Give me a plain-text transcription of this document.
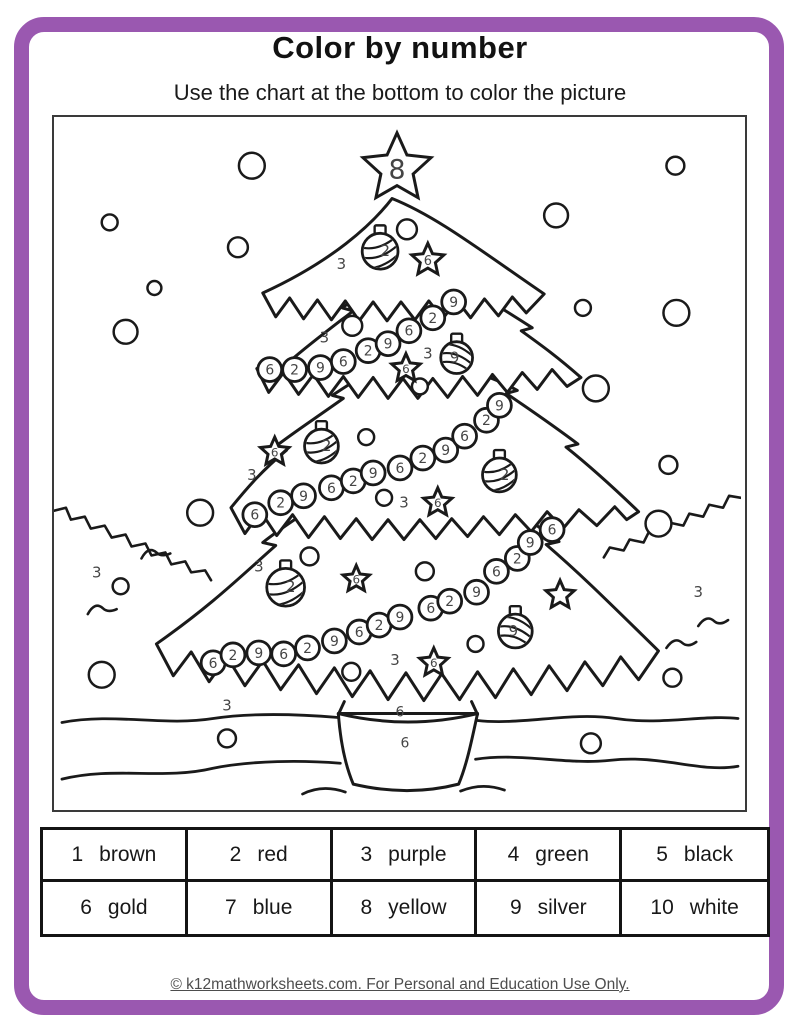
Color by number
Use the chart at the bottom to color the picture
6 2 9 6
2 9
6
2
9
6
2 9 6 2 9 6
2 9
6
2
9
6 2 9 6 2 9
6 2 9
6 2
9
6
2
9
6
2
2
2
2
9
9
8
6
6
6
6
6
6
3
3
3
3
3
3
3
3
3
3	6
6
1 brown	2 red	3 purple	4 green	5 black
6 gold	7 blue	8 yellow	9 silver	10 white
© k12mathworksheets.com. For Personal and Education Use Only.
